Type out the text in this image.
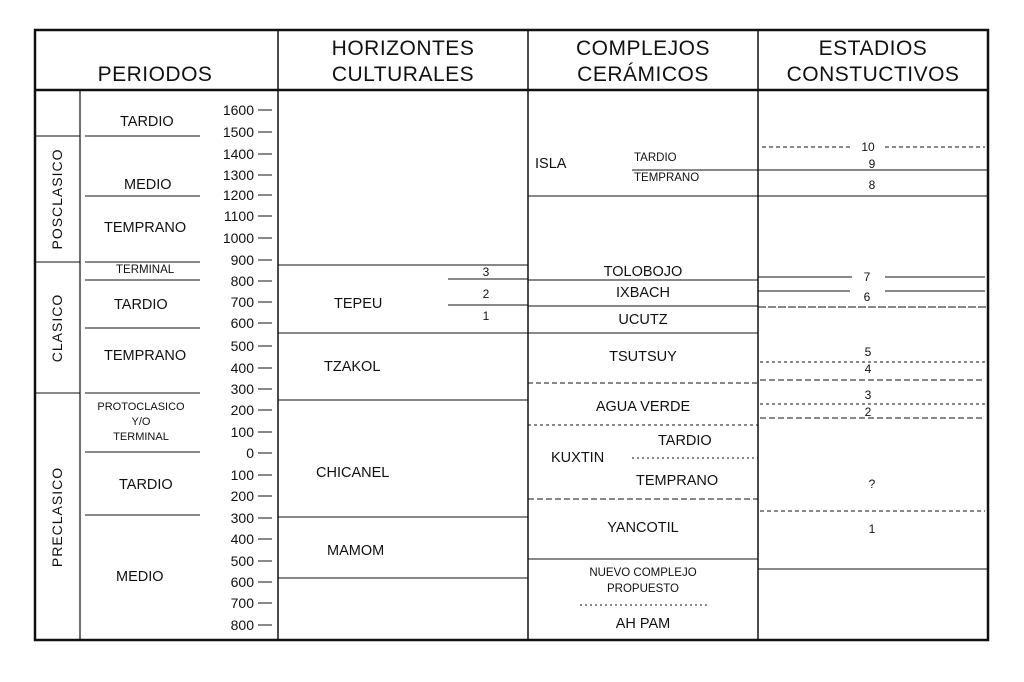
PERIODOS
HORIZONTES
CULTURALES
COMPLEJOS
CERÁMICOS
ESTADIOS
CONSTUCTIVOS
POSCLASICO
CLASICO
PRECLASICO
TARDIO
MEDIO
TEMPRANO
TERMINAL
TARDIO
TEMPRANO
PROTOCLASICO
Y/O
TERMINAL
TARDIO
MEDIO
1600
1500
1400
1300
1200
1100
1000
900
800
700
600
500
400
300
200
100
0
100
200
300
400
500
600
700
800
TEPEU
3
2
1
TZAKOL
CHICANEL
MAMOM
ISLA	TARDIO
TEMPRANO
TOLOBOJO
IXBACH
UCUTZ
TSUTSUY
AGUA VERDE
KUXTIN
TARDIO
TEMPRANO
YANCOTIL
NUEVO COMPLEJO
PROPUESTO
AH PAM
10
9
8
7
6
5
4
3
2
?
1
